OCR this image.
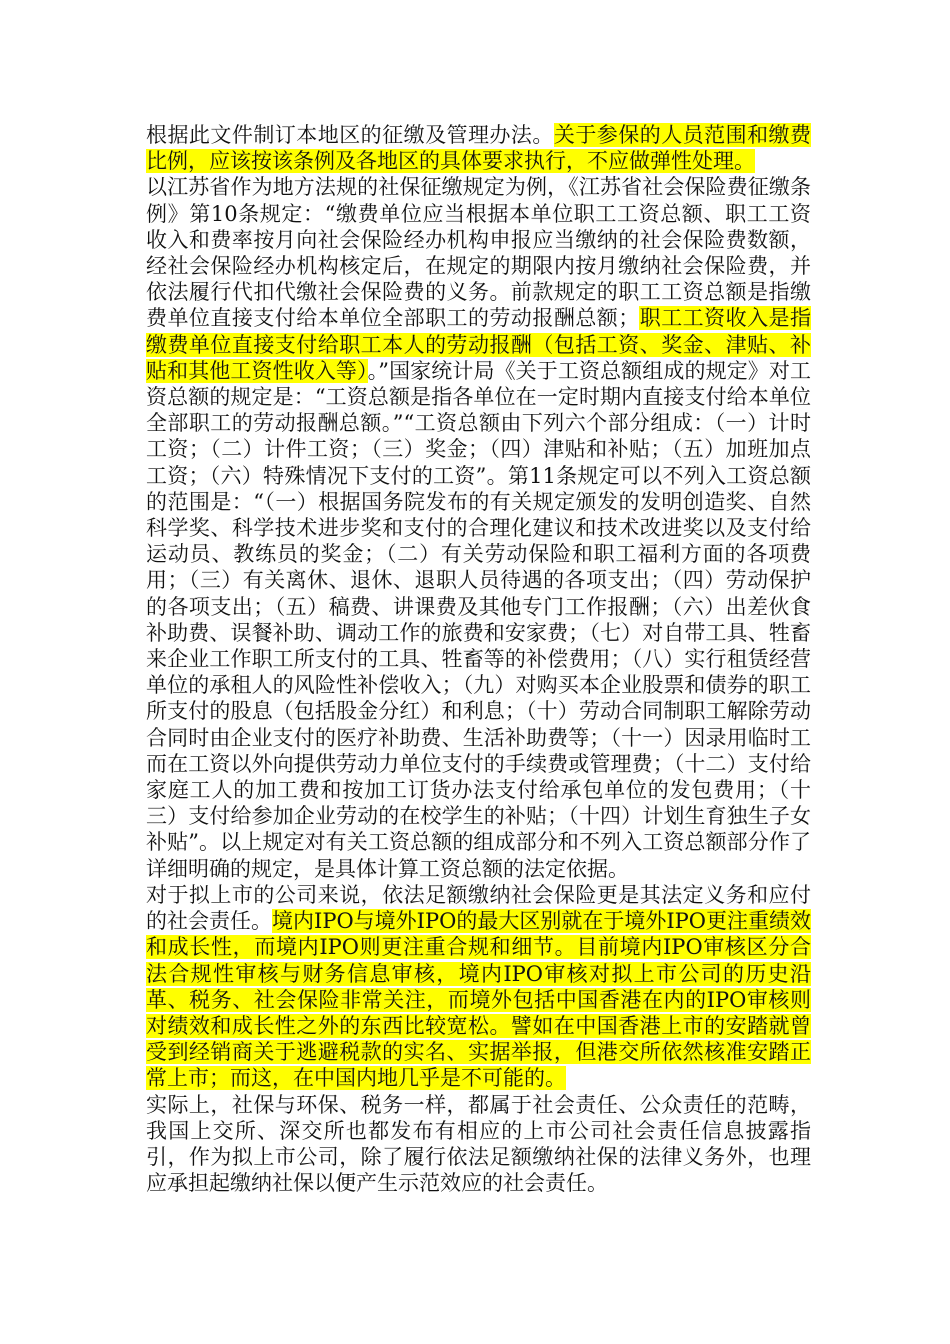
根据此文件制订本地区的征缴及管理办法。关于参保的人员范围和缴费比例，应该按该条例及各地区的具体要求执行，不应做弹性处理。

以江苏省作为地方法规的社保征缴规定为例，《江苏省社会保险费征缴条例》第10条规定：“缴费单位应当根据本单位职工工资总额、职工工资收入和费率按月向社会保险经办机构申报应当缴纳的社会保险费数额，经社会保险经办机构核定后，在规定的期限内按月缴纳社会保险费，并依法履行代扣代缴社会保险费的义务。前款规定的职工工资总额是指缴费单位直接支付给本单位全部职工的劳动报酬总额；职工工资收入是指缴费单位直接支付给职工本人的劳动报酬（包括工资、奖金、津贴、补贴和其他工资性收入等）。”国家统计局《关于工资总额组成的规定》对工资总额的规定是：“工资总额是指各单位在一定时期内直接支付给本单位全部职工的劳动报酬总额。”“工资总额由下列六个部分组成：（一）计时工资；（二）计件工资；（三）奖金；（四）津贴和补贴；（五）加班加点工资；（六）特殊情况下支付的工资”。第11条规定可以不列入工资总额的范围是：“（一）根据国务院发布的有关规定颁发的发明创造奖、自然科学奖、科学技术进步奖和支付的合理化建议和技术改进奖以及支付给运动员、教练员的奖金；（二）有关劳动保险和职工福利方面的各项费用；（三）有关离休、退休、退职人员待遇的各项支出；（四）劳动保护的各项支出；（五）稿费、讲课费及其他专门工作报酬；（六）出差伙食补助费、误餐补助、调动工作的旅费和安家费；（七）对自带工具、牲畜来企业工作职工所支付的工具、牲畜等的补偿费用；（八）实行租赁经营单位的承租人的风险性补偿收入；（九）对购买本企业股票和债券的职工所支付的股息（包括股金分红）和利息；（十）劳动合同制职工解除劳动合同时由企业支付的医疗补助费、生活补助费等；（十一）因录用临时工而在工资以外向提供劳动力单位支付的手续费或管理费；（十二）支付给家庭工人的加工费和按加工订货办法支付给承包单位的发包费用；（十三）支付给参加企业劳动的在校学生的补贴；（十四）计划生育独生子女补贴”。以上规定对有关工资总额的组成部分和不列入工资总额部分作了详细明确的规定，是具体计算工资总额的法定依据。

对于拟上市的公司来说，依法足额缴纳社会保险更是其法定义务和应付的社会责任。境内IPO与境外IPO的最大区别就在于境外IPO更注重绩效和成长性，而境内IPO则更注重合规和细节。目前境内IPO审核区分合法合规性审核与财务信息审核，境内IPO审核对拟上市公司的历史沿革、税务、社会保险非常关注，而境外包括中国香港在内的IPO审核则对绩效和成长性之外的东西比较宽松。譬如在中国香港上市的安踏就曾受到经销商关于逃避税款的实名、实据举报，但港交所依然核准安踏正常上市；而这，在中国内地几乎是不可能的。

实际上，社保与环保、税务一样，都属于社会责任、公众责任的范畴，我国上交所、深交所也都发布有相应的上市公司社会责任信息披露指引，作为拟上市公司，除了履行依法足额缴纳社保的法律义务外，也理应承担起缴纳社保以便产生示范效应的社会责任。
